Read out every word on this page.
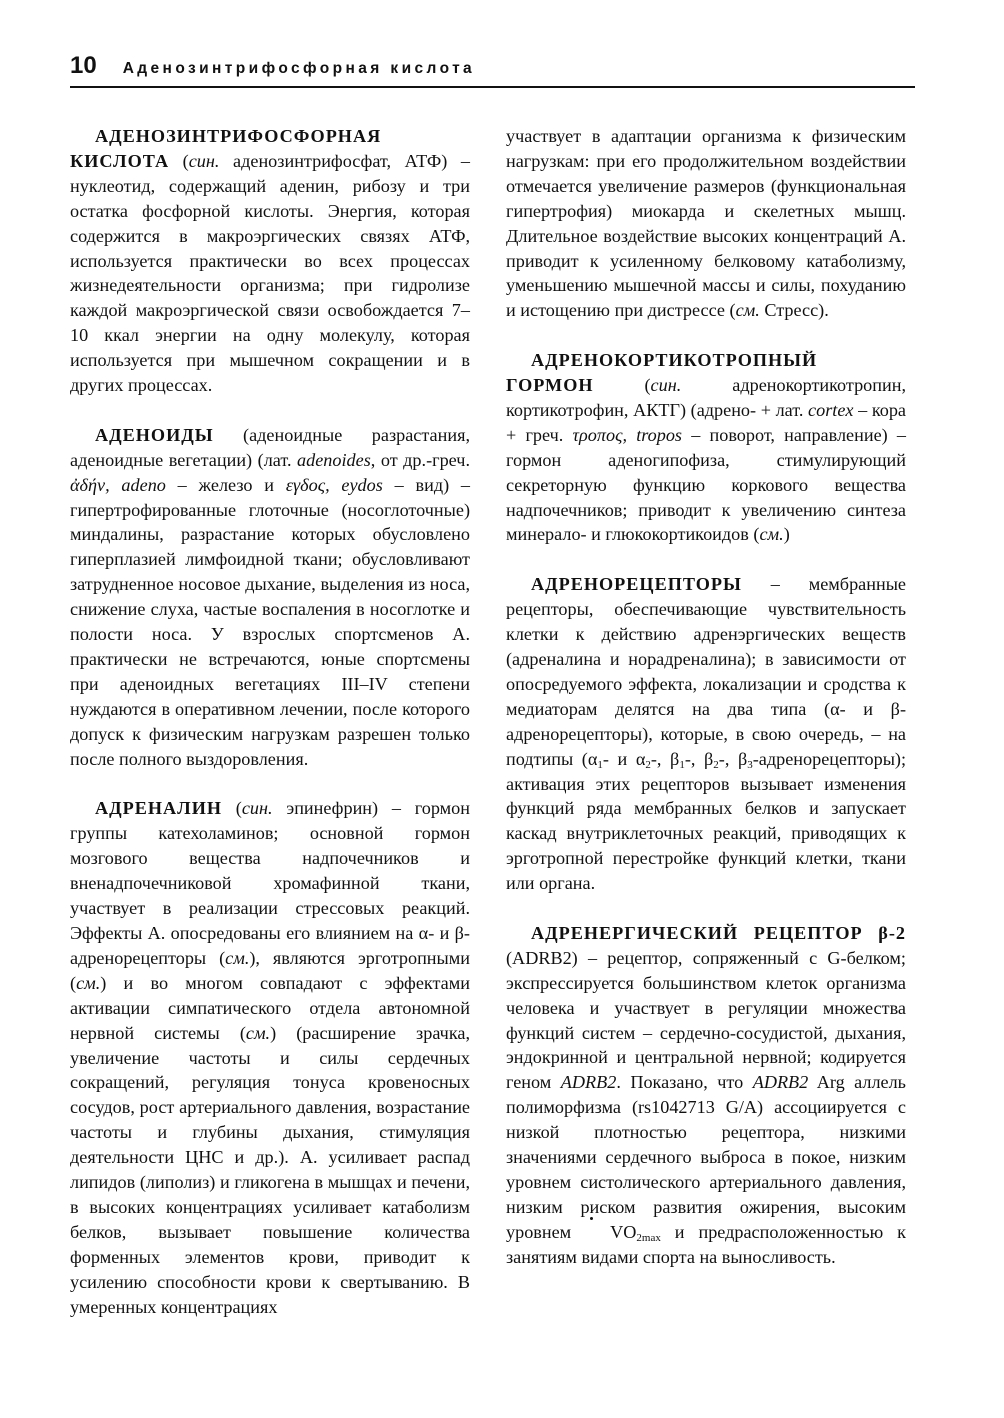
10 Аденозинтрифосфорная кислота

АДЕНОЗИНТРИФОСФОРНАЯ КИСЛОТА (син. аденозинтрифосфат, АТФ) – нуклеотид, содержащий аденин, рибозу и три остатка фосфорной кислоты. Энергия, которая содержится в макроэргических связях АТФ, используется практически во всех процессах жизнедеятельности организма; при гидролизе каждой макроэргической связи освобождается 7–10 ккал энергии на одну молекулу, которая используется при мышечном сокращении и в других процессах.

АДЕНОИДЫ (аденоидные разрастания, аденоидные вегетации) (лат. adenoides, от др.-греч. ἀδήν, adeno – железо и εγδος, eydos – вид) – гипертрофированные глоточные (носоглоточные) миндалины, разрастание которых обусловлено гиперплазией лимфоидной ткани; обусловливают затрудненное носовое дыхание, выделения из носа, снижение слуха, частые воспаления в носоглотке и полости носа. У взрослых спортсменов А. практически не встречаются, юные спортсмены при аденоидных вегетациях III–IV степени нуждаются в оперативном лечении, после которого допуск к физическим нагрузкам разрешен только после полного выздоровления.

АДРЕНАЛИН (син. эпинефрин) – гормон группы катехоламинов; основной гормон мозгового вещества надпочечников и вненадпочечниковой хромафинной ткани, участвует в реализации стрессовых реакций. Эффекты А. опосредованы его влиянием на α- и β-адренорецепторы (см.), являются эрготропными (см.) и во многом совпадают с эффектами активации симпатического отдела автономной нервной системы (см.) (расширение зрачка, увеличение частоты и силы сердечных сокращений, регуляция тонуса кровеносных сосудов, рост артериального давления, возрастание частоты и глубины дыхания, стимуляция деятельности ЦНС и др.). А. усиливает распад липидов (липолиз) и гликогена в мышцах и печени, в высоких концентрациях усиливает катаболизм белков, вызывает повышение количества форменных элементов крови, приводит к усилению способности крови к свертыванию. В умеренных концентрациях

участвует в адаптации организма к физическим нагрузкам: при его продолжительном воздействии отмечается увеличение размеров (функциональная гипертрофия) миокарда и скелетных мышц. Длительное воздействие высоких концентраций А. приводит к усиленному белковому катаболизму, уменьшению мышечной массы и силы, похуданию и истощению при дистрессе (см. Стресс).

АДРЕНОКОРТИКОТРОПНЫЙ ГОРМОН (син. адренокортикотропин, кортикотрофин, АКТГ) (адрено- + лат. cortex – кора + греч. τρoπος, tropos – поворот, направление) – гормон аденогипофиза, стимулирующий секреторную функцию коркового вещества надпочечников; приводит к увеличению синтеза минерало- и глюкокортикоидов (см.)

АДРЕНОРЕЦЕПТОРЫ – мембранные рецепторы, обеспечивающие чувствительность клетки к действию адренэргических веществ (адреналина и норадреналина); в зависимости от опосредуемого эффекта, локализации и сродства к медиаторам делятся на два типа (α- и β-адренорецепторы), которые, в свою очередь, – на подтипы ($\alpha_1-$ и $\alpha_2-$, $\beta_1-$, $\beta_2-$, $\beta_3-адренорецепторы$); активация этих рецепторов вызывает изменения функций ряда мембранных белков и запускает каскад внутриклеточных реакций, приводящих к эрготропной перестройке функций клетки, ткани или органа.

АДРЕНЕРГИЧЕСКИЙ РЕЦЕПТОР β-2 (ADRB2) – рецептор, сопряженный с G-белком; экспрессируется большинством клеток организма человека и участвует в регуляции множества функций систем – сердечно-сосудистой, дыхания, эндокринной и центральной нервной; кодируется геном ADRB2. Показано, что ADRB2 Arg аллель полиморфизма (rs1042713 G/A) ассоциируется с низкой плотностью рецептора, низкими значениями сердечного выброса в покое, низким уровнем систолического артериального давления, низким риском развития ожирения, высоким уровнем $VO_{2max}$ и предрасположенностью к занятиям видами спорта на выносливость.
